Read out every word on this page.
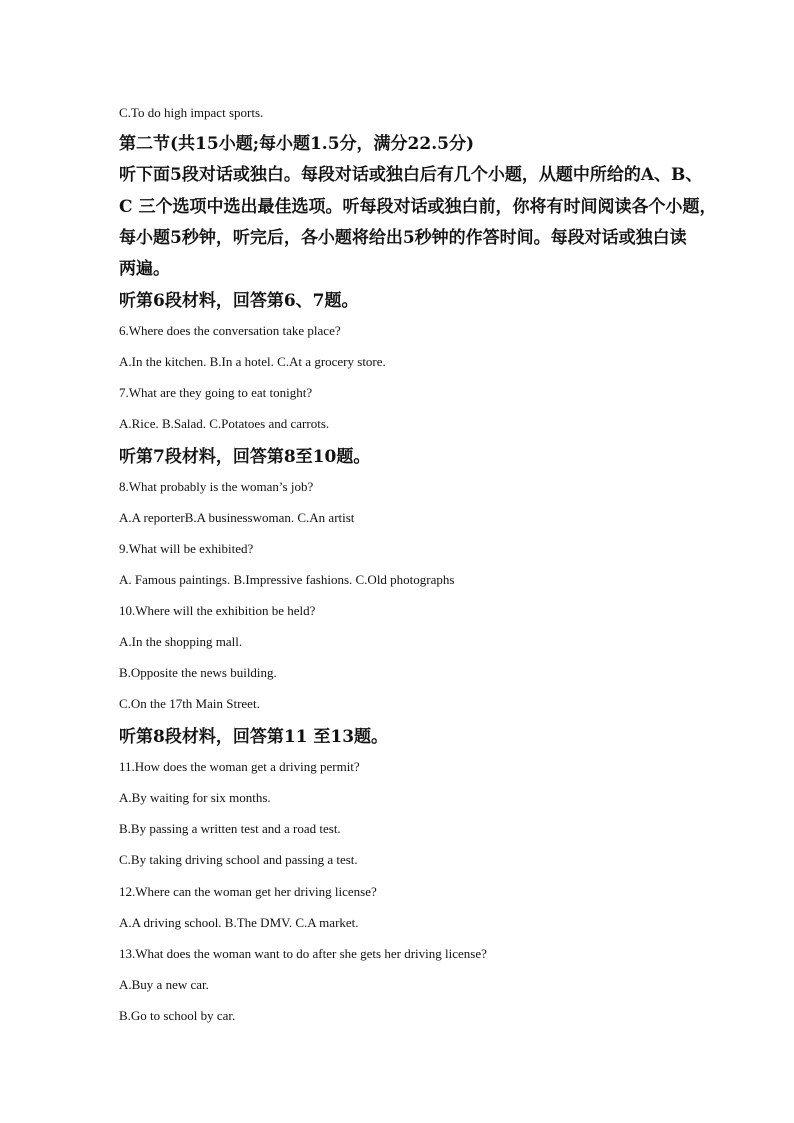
C.To do high impact sports.
第二节(共15小题;每小题1.5分，满分22.5分)
听下面5段对话或独白。每段对话或独白后有几个小题，从题中所给的A、B、
C 三个选项中选出最佳选项。听每段对话或独白前，你将有时间阅读各个小题，
每小题5秒钟，听完后，各小题将给出5秒钟的作答时间。每段对话或独白读
两遍。
听第6段材料，回答第6、7题。
6.Where does the conversation take place?
A.In the kitchen. B.In a hotel. C.At a grocery store.
7.What are they going to eat tonight?
A.Rice. B.Salad. C.Potatoes and carrots.
听第7段材料，回答第8至10题。
8.What probably is the woman’s job?
A.A reporterB.A businesswoman. C.An artist
9.What will be exhibited?
A. Famous paintings. B.Impressive fashions. C.Old photographs
10.Where will the exhibition be held?
A.In the shopping mall.
B.Opposite the news building.
C.On the 17th Main Street.
听第8段材料，回答第11 至13题。
11.How does the woman get a driving permit?
A.By waiting for six months.
B.By passing a written test and a road test.
C.By taking driving school and passing a test.
12.Where can the woman get her driving license?
A.A driving school. B.The DMV. C.A market.
13.What does the woman want to do after she gets her driving license?
A.Buy a new car.
B.Go to school by car.
